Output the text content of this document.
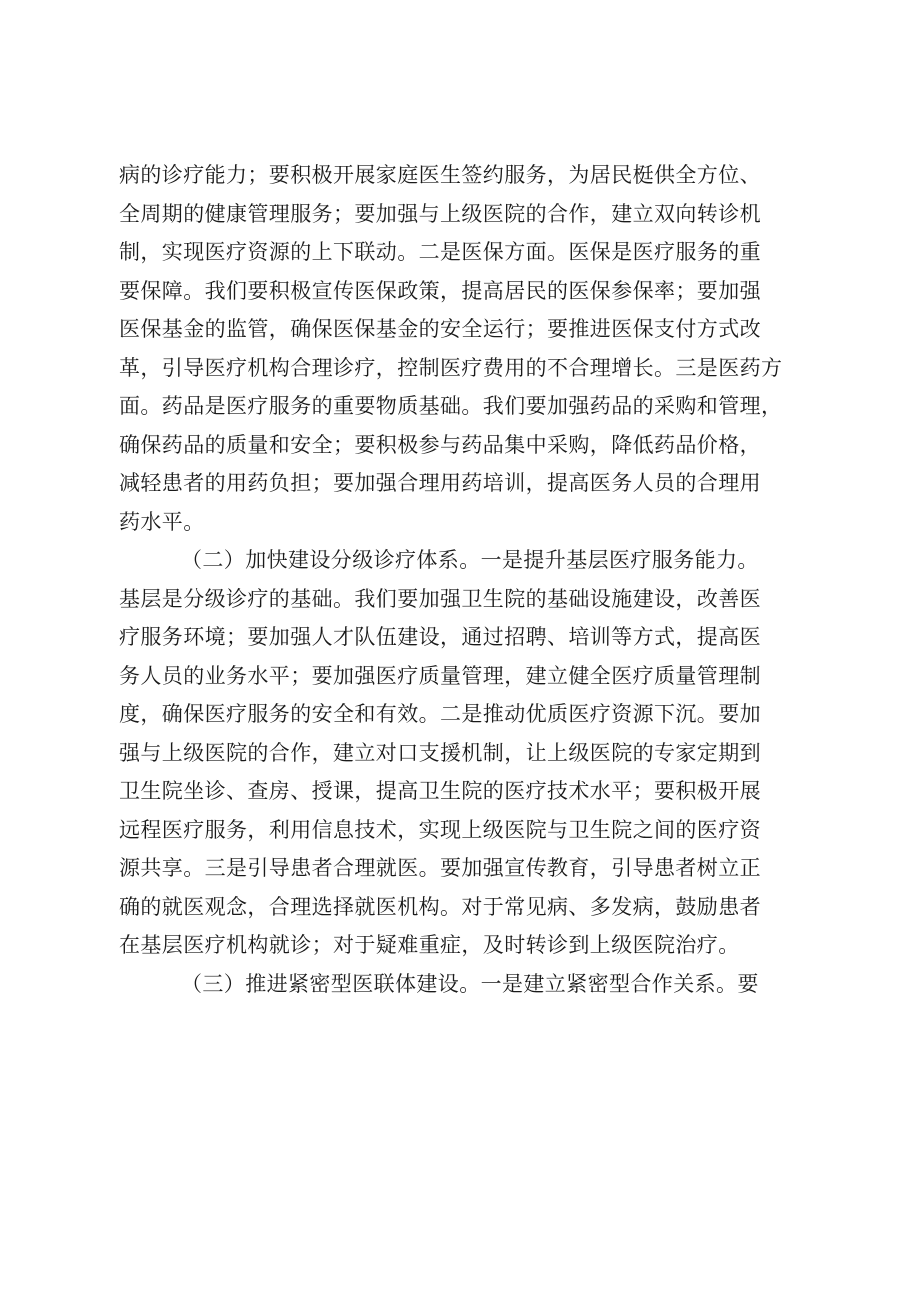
病的诊疗能力；要积极开展家庭医生签约服务，为居民梃供全方位、
全周期的健康管理服务；要加强与上级医院的合作，建立双向转诊机
制，实现医疗资源的上下联动。二是医保方面。医保是医疗服务的重
要保障。我们要积极宣传医保政策，提高居民的医保参保率；要加强
医保基金的监管，确保医保基金的安全运行；要推进医保支付方式改
革，引导医疗机构合理诊疗，控制医疗费用的不合理增长。三是医药方
面。药品是医疗服务的重要物质基础。我们要加强药品的采购和管理，
确保药品的质量和安全；要积极参与药品集中采购，降低药品价格，
减轻患者的用药负担；要加强合理用药培训，提高医务人员的合理用
药水平。
（二）加快建设分级诊疗体系。一是提升基层医疗服务能力。
基层是分级诊疗的基础。我们要加强卫生院的基础设施建设，改善医
疗服务环境；要加强人才队伍建设，通过招聘、培训等方式，提高医
务人员的业务水平；要加强医疗质量管理，建立健全医疗质量管理制
度，确保医疗服务的安全和有效。二是推动优质医疗资源下沉。要加
强与上级医院的合作，建立对口支援机制，让上级医院的专家定期到
卫生院坐诊、查房、授课，提高卫生院的医疗技术水平；要积极开展
远程医疗服务，利用信息技术，实现上级医院与卫生院之间的医疗资
源共享。三是引导患者合理就医。要加强宣传教育，引导患者树立正
确的就医观念，合理选择就医机构。对于常见病、多发病，鼓励患者
在基层医疗机构就诊；对于疑难重症，及时转诊到上级医院治疗。
（三）推进紧密型医联体建设。一是建立紧密型合作关系。要
